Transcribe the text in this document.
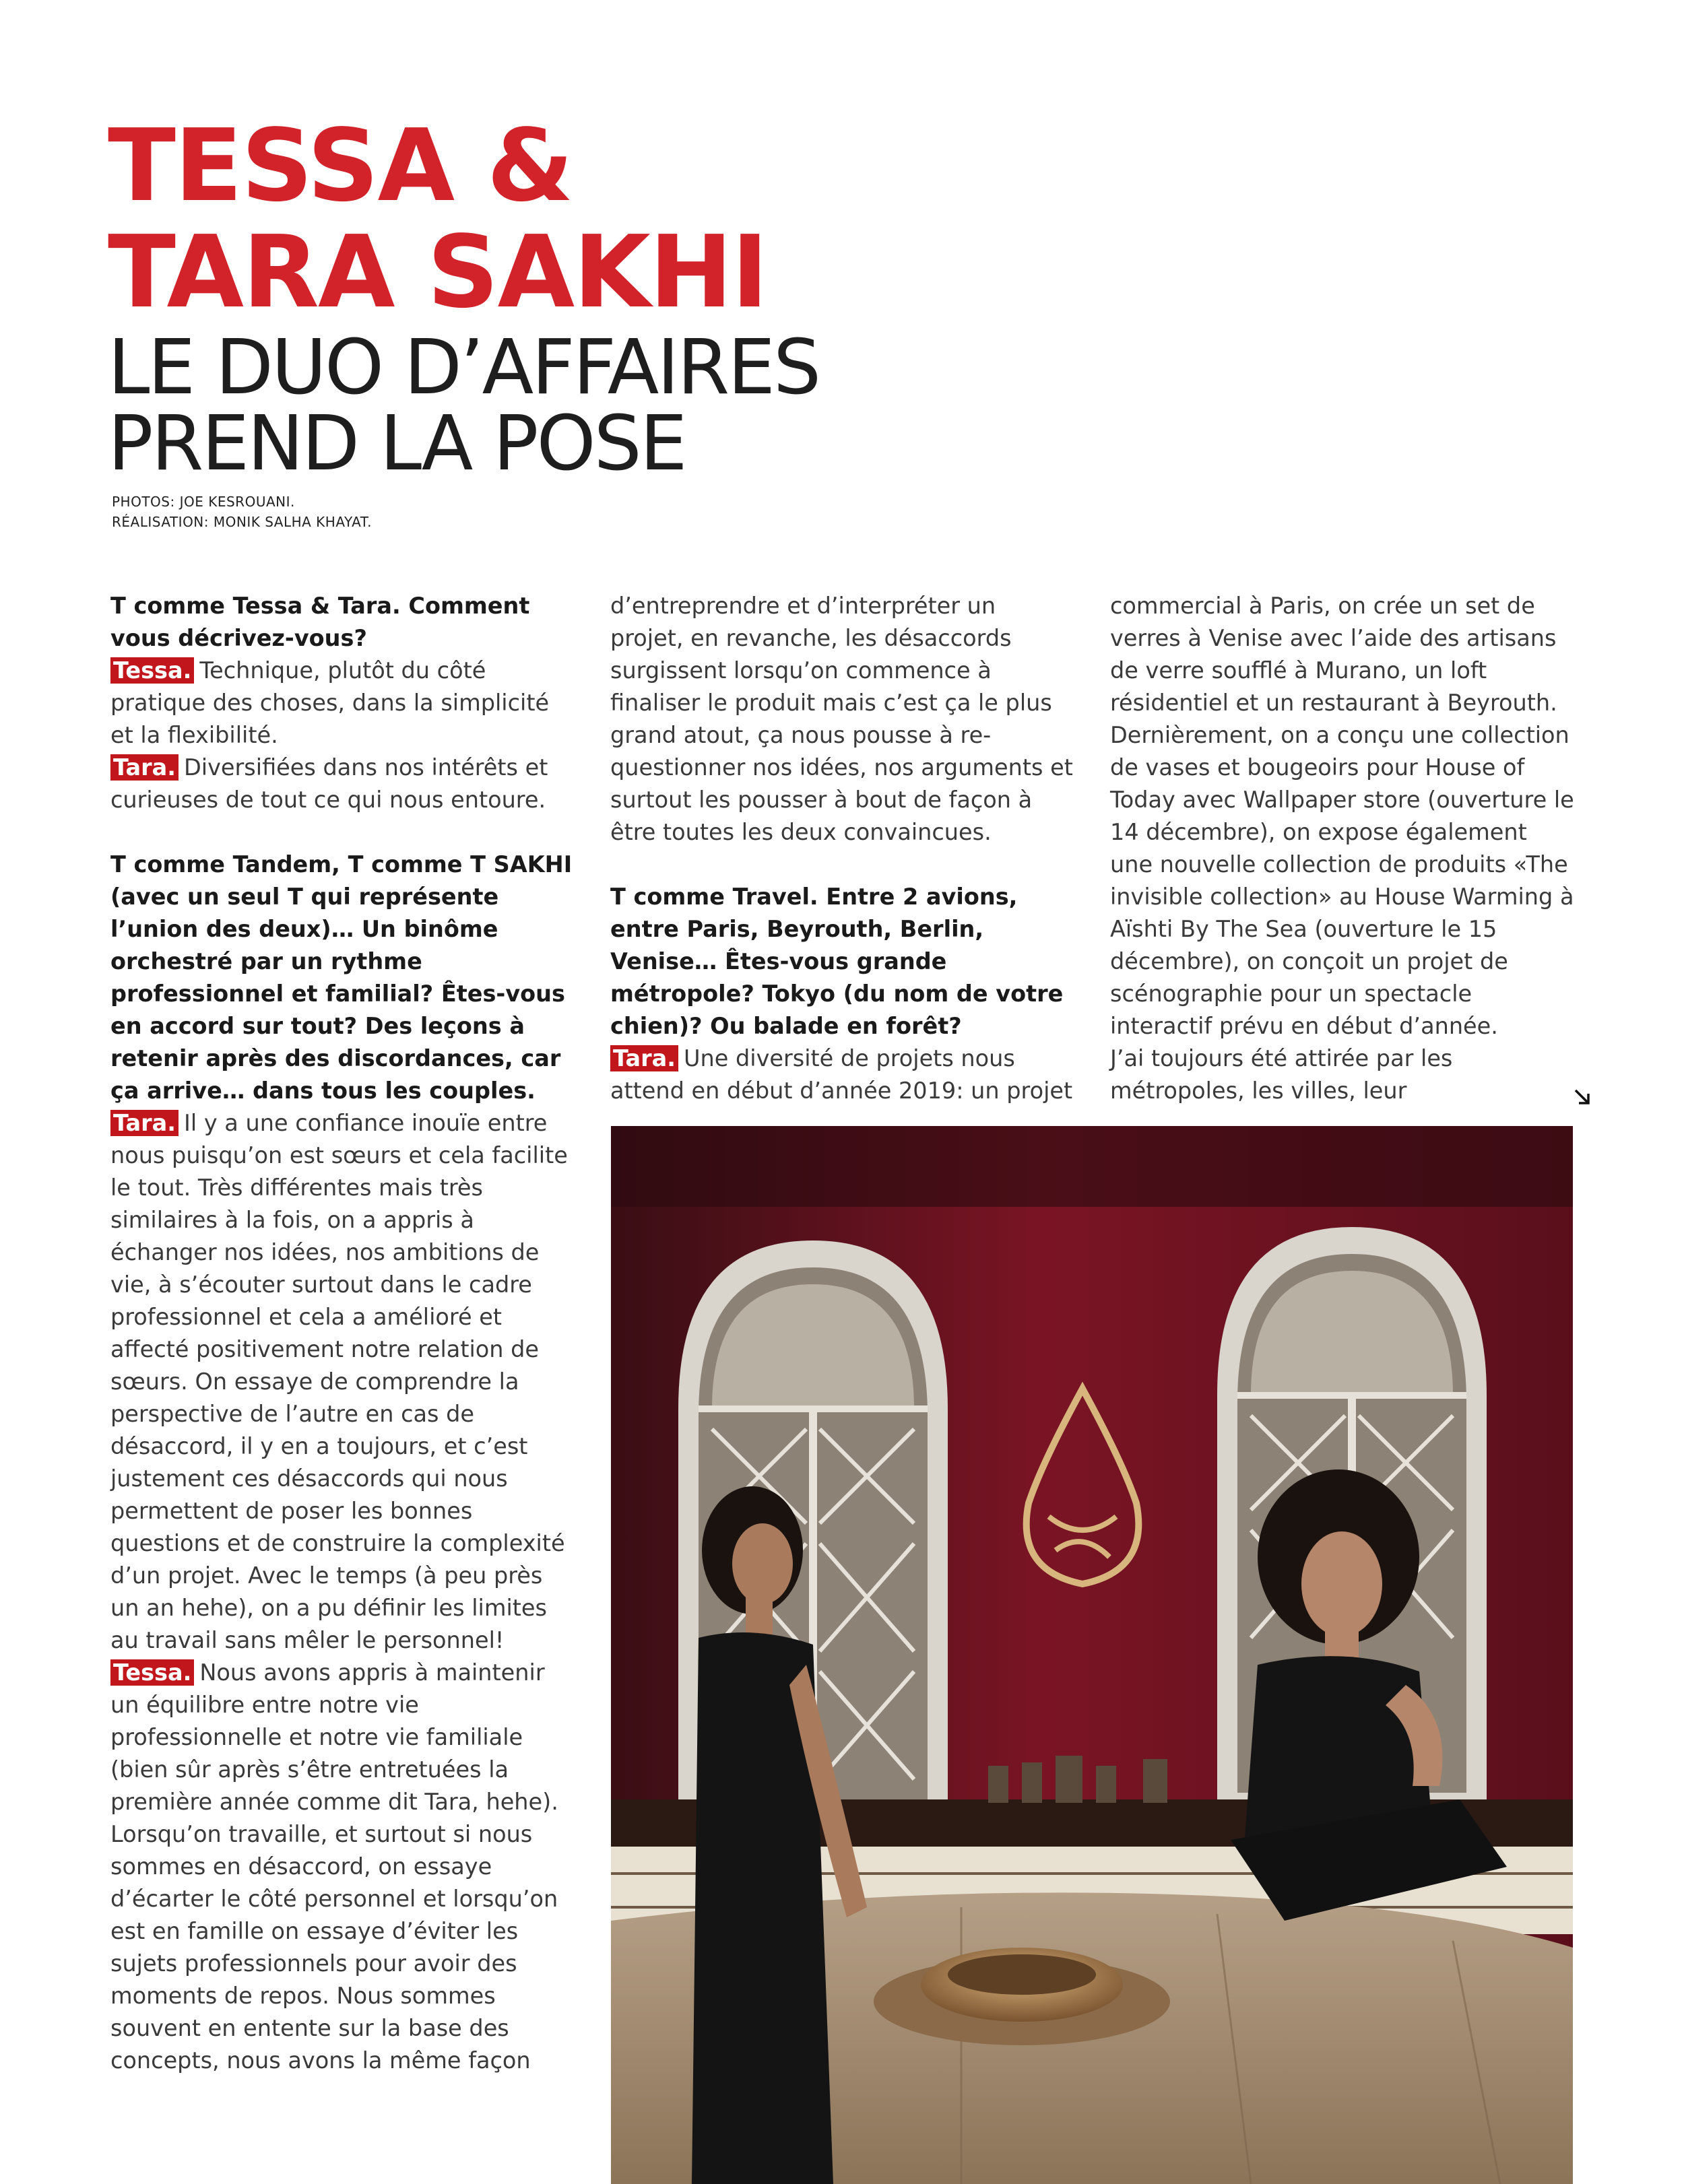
TESSA &
TARA SAKHI
LE DUO D’AFFAIRES
PREND LA POSE

PHOTOS: JOE KESROUANI.

RÉALISATION: MONIK SALHA KHAYAT.

T comme Tessa & Tara. Comment vous décrivez-vous?

Tessa. Technique, plutôt du côté pratique des choses, dans la simplicité et la flexibilité.

Tara. Diversifiées dans nos intérêts et curieuses de tout ce qui nous entoure.

T comme Tandem, T comme T SAKHI (avec un seul T qui représente l’union des deux)… Un binôme orchestré par un rythme professionnel et familial? Êtes-vous en accord sur tout? Des leçons à retenir après des discordances, car ça arrive… dans tous les couples.

Tara. Il y a une confiance inouïe entre nous puisqu’on est sœurs et cela facilite le tout. Très différentes mais très similaires à la fois, on a appris à échanger nos idées, nos ambitions de vie, à s’écouter surtout dans le cadre professionnel et cela a amélioré et affecté positivement notre relation de sœurs. On essaye de comprendre la perspective de l’autre en cas de désaccord, il y en a toujours, et c’est justement ces désaccords qui nous permettent de poser les bonnes questions et de construire la complexité d’un projet. Avec le temps (à peu près un an hehe), on a pu définir les limites au travail sans mêler le personnel!

Tessa. Nous avons appris à maintenir un équilibre entre notre vie professionnelle et notre vie familiale (bien sûr après s’être entretuées la première année comme dit Tara, hehe). Lorsqu’on travaille, et surtout si nous sommes en désaccord, on essaye d’écarter le côté personnel et lorsqu’on est en famille on essaye d’éviter les sujets professionnels pour avoir des moments de repos. Nous sommes souvent en entente sur la base des concepts, nous avons la même façon

d’entreprendre et d’interpréter un projet, en revanche, les désaccords surgissent lorsqu’on commence à finaliser le produit mais c’est ça le plus grand atout, ça nous pousse à re-questionner nos idées, nos arguments et surtout les pousser à bout de façon à être toutes les deux convaincues.

T comme Travel. Entre 2 avions, entre Paris, Beyrouth, Berlin, Venise… Êtes-vous grande métropole? Tokyo (du nom de votre chien)? Ou balade en forêt?

Tara. Une diversité de projets nous attend en début d’année 2019: un projet

commercial à Paris, on crée un set de verres à Venise avec l’aide des artisans de verre soufflé à Murano, un loft résidentiel et un restaurant à Beyrouth. Dernièrement, on a conçu une collection de vases et bougeoirs pour House of Today avec Wallpaper store (ouverture le 14 décembre), on expose également une nouvelle collection de produits «The invisible collection» au House Warming à Aïshti By The Sea (ouverture le 15 décembre), on conçoit un projet de scénographie pour un spectacle interactif prévu en début d’année.

J’ai toujours été attirée par les métropoles, les villes, leur
